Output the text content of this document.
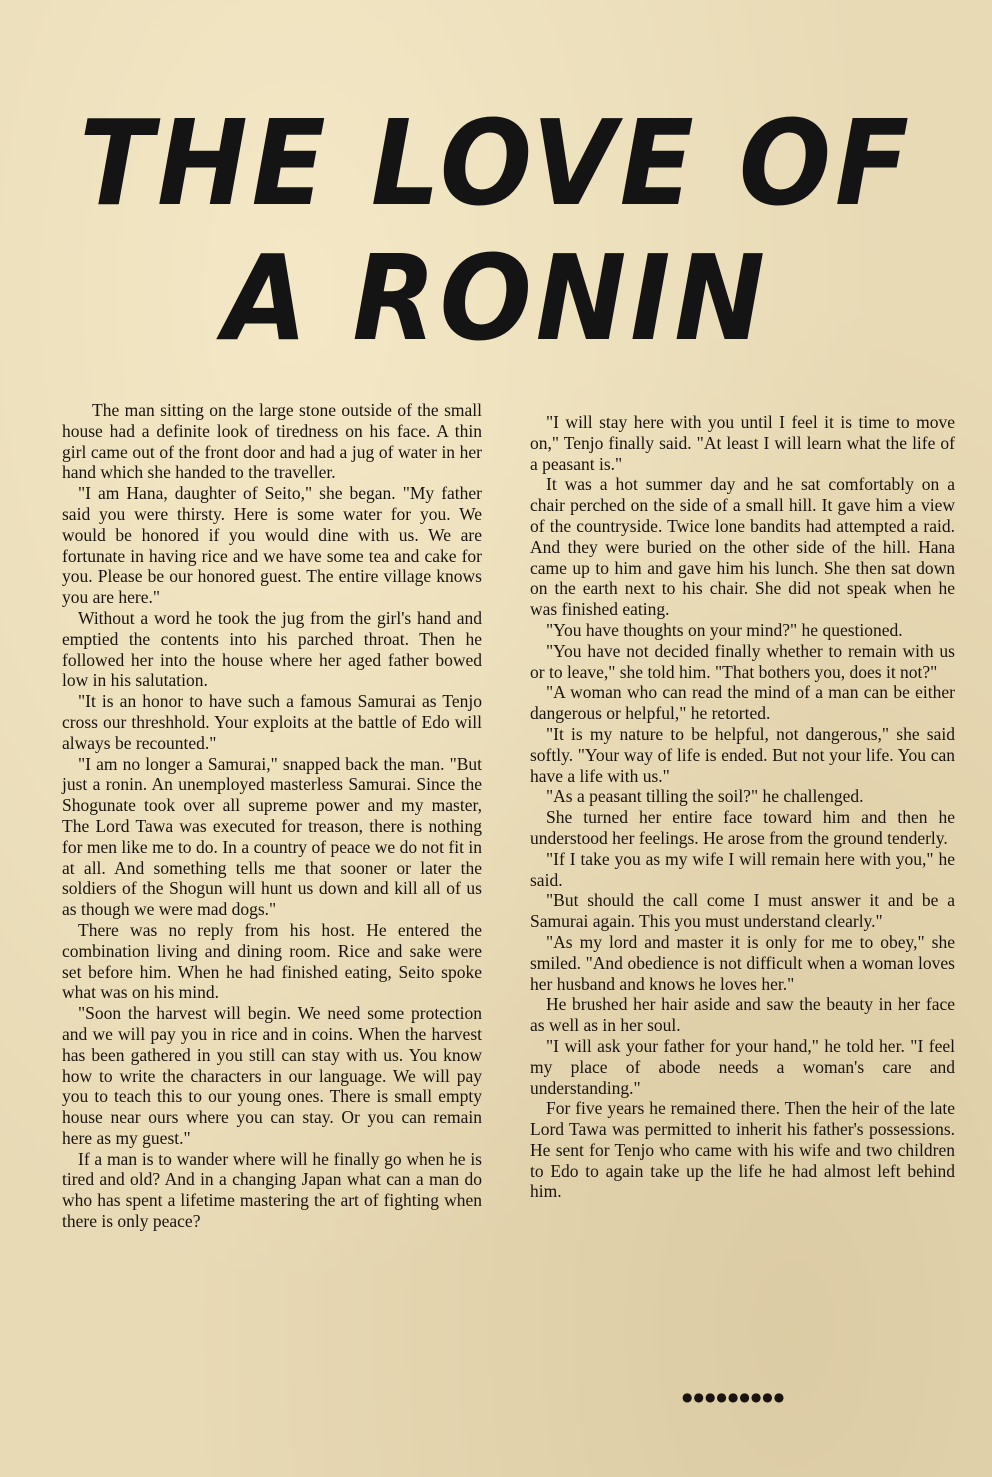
THE LOVE OF
A RONIN

The man sitting on the large stone outside of the small house had a definite look of tiredness on his face. A thin girl came out of the front door and had a jug of water in her hand which she handed to the traveller.

"I am Hana, daughter of Seito," she began. "My father said you were thirsty. Here is some water for you. We would be honored if you would dine with us. We are fortunate in having rice and we have some tea and cake for you. Please be our honored guest. The entire village knows you are here."

Without a word he took the jug from the girl's hand and emptied the contents into his parched throat. Then he followed her into the house where her aged father bowed low in his salutation.

"It is an honor to have such a famous Samurai as Tenjo cross our threshhold. Your exploits at the battle of Edo will always be recounted."

"I am no longer a Samurai," snapped back the man. "But just a ronin. An unemployed masterless Samurai. Since the Shogunate took over all supreme power and my master, The Lord Tawa was executed for treason, there is nothing for men like me to do. In a country of peace we do not fit in at all. And something tells me that sooner or later the soldiers of the Shogun will hunt us down and kill all of us as though we were mad dogs."

There was no reply from his host. He entered the combination living and dining room. Rice and sake were set before him. When he had finished eating, Seito spoke what was on his mind.

"Soon the harvest will begin. We need some protection and we will pay you in rice and in coins. When the harvest has been gathered in you still can stay with us. You know how to write the characters in our language. We will pay you to teach this to our young ones. There is small empty house near ours where you can stay. Or you can remain here as my guest."

If a man is to wander where will he finally go when he is tired and old? And in a changing Japan what can a man do who has spent a lifetime mastering the art of fighting when there is only peace?

"I will stay here with you until I feel it is time to move on," Tenjo finally said. "At least I will learn what the life of a peasant is."

It was a hot summer day and he sat comfortably on a chair perched on the side of a small hill. It gave him a view of the countryside. Twice lone bandits had attempted a raid. And they were buried on the other side of the hill. Hana came up to him and gave him his lunch. She then sat down on the earth next to his chair. She did not speak when he was finished eating.

"You have thoughts on your mind?" he questioned.

"You have not decided finally whether to remain with us or to leave," she told him. "That bothers you, does it not?"

"A woman who can read the mind of a man can be either dangerous or helpful," he retorted.

"It is my nature to be helpful, not dangerous," she said softly. "Your way of life is ended. But not your life. You can have a life with us."

"As a peasant tilling the soil?" he challenged.

She turned her entire face toward him and then he understood her feelings. He arose from the ground tenderly.

"If I take you as my wife I will remain here with you," he said.

"But should the call come I must answer it and be a Samurai again. This you must understand clearly."

"As my lord and master it is only for me to obey," she smiled. "And obedience is not difficult when a woman loves her husband and knows he loves her."

He brushed her hair aside and saw the beauty in her face as well as in her soul.

"I will ask your father for your hand," he told her. "I feel my place of abode needs a woman's care and understanding."

For five years he remained there. Then the heir of the late Lord Tawa was permitted to inherit his father's possessions. He sent for Tenjo who came with his wife and two children to Edo to again take up the life he had almost left behind him.

●●●●●●●●●
